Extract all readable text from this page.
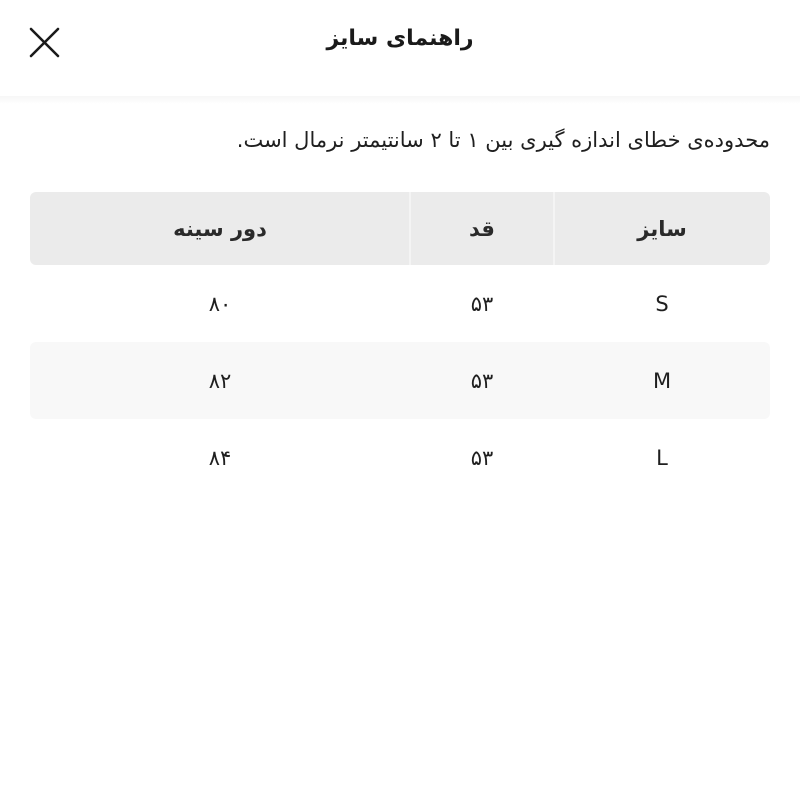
راهنمای سایز
محدوده‌ی خطای اندازه گیری بین ۱ تا ۲ سانتیمتر نرمال است.
سایز
قد
دور سینه
S
۵۳
۸۰
M
۵۳
۸۲
L
۵۳
۸۴
